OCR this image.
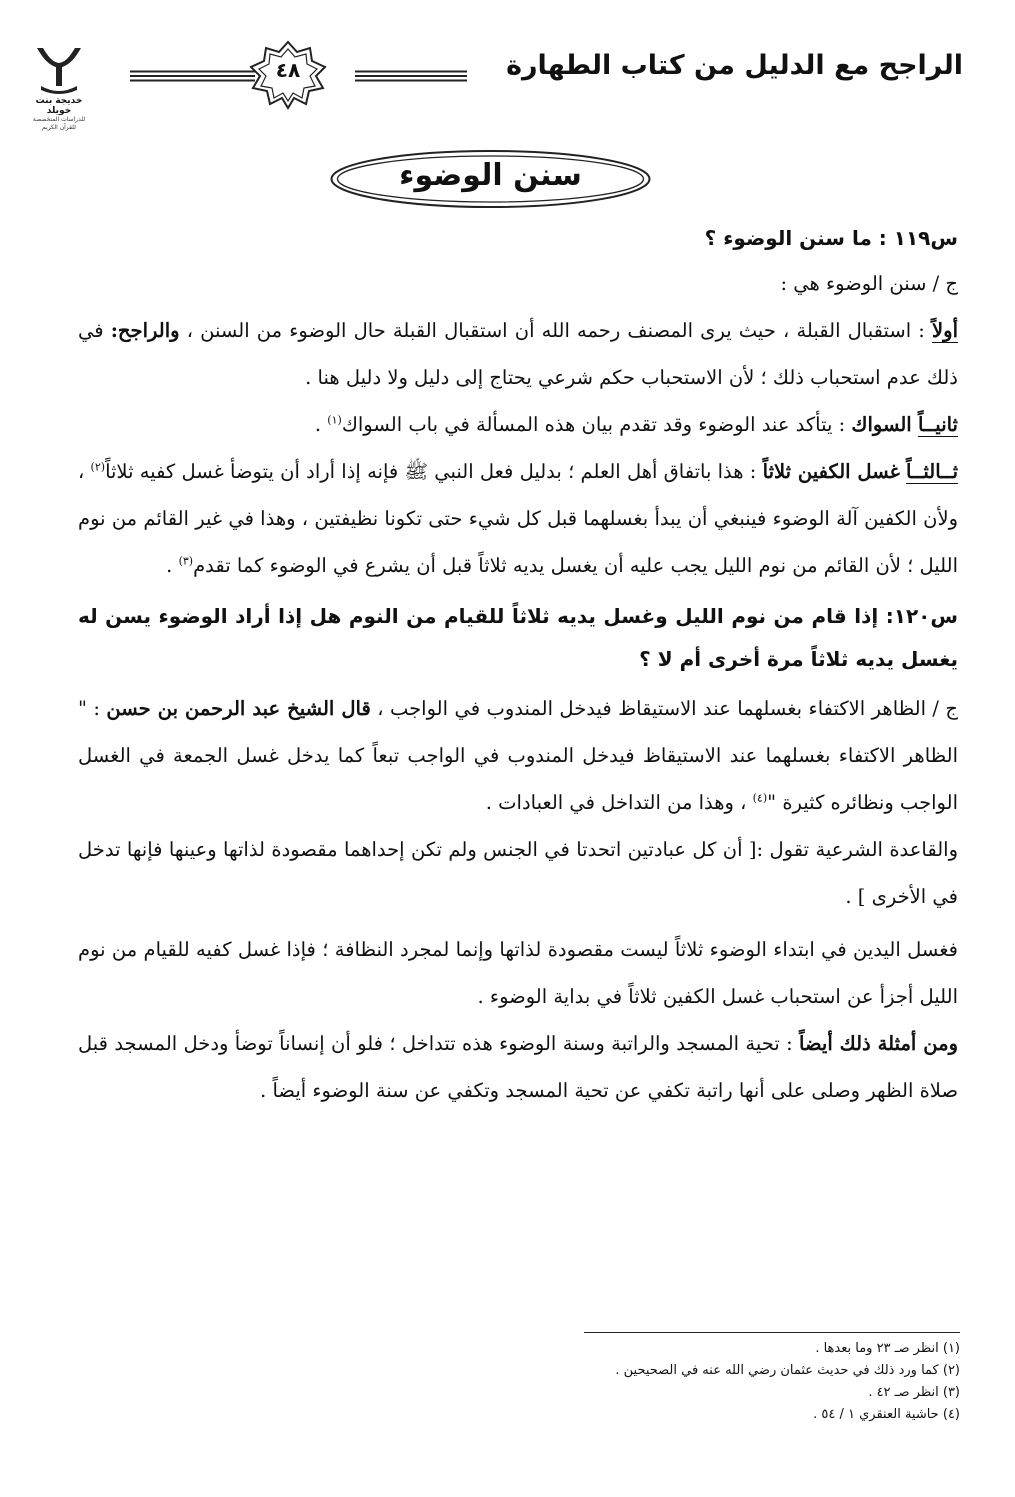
خديجة بنت خويلد
للدراسات المتخصصة للقرآن الكريم
٤٨	الراجح مع الدليل من كتاب الطهارة
سنن الوضوء

س١١٩ : ما سنن الوضوء ؟

ج / سنن الوضوء هي :

أولاً : استقبال القبلة ، حيث يرى المصنف رحمه الله أن استقبال القبلة حال الوضوء من السنن ، والراجح: في ذلك عدم استحباب ذلك ؛ لأن الاستحباب حكم شرعي يحتاج إلى دليل ولا دليل هنا .

ثانيــاً السواك : يتأكد عند الوضوء وقد تقدم بيان هذه المسألة في باب السواك$^{(١)}$ .

ثــالثــاً غسل الكفين ثلاثاً : هذا باتفاق أهل العلم ؛ بدليل فعل النبي ﷺ فإنه إذا أراد أن يتوضأ غسل كفيه ثلاثاً$^{(٢)}$ ، ولأن الكفين آلة الوضوء فينبغي أن يبدأ بغسلهما قبل كل شيء حتى تكونا نظيفتين ، وهذا في غير القائم من نوم الليل ؛ لأن القائم من نوم الليل يجب عليه أن يغسل يديه ثلاثاً قبل أن يشرع في الوضوء كما تقدم$^{(٣)}$ .

س١٢٠: إذا قام من نوم الليل وغسل يديه ثلاثاً للقيام من النوم هل إذا أراد الوضوء يسن له يغسل يديه ثلاثاً مرة أخرى أم لا ؟

ج / الظاهر الاكتفاء بغسلهما عند الاستيقاظ فيدخل المندوب في الواجب ، قال الشيخ عبد الرحمن بن حسن : " الظاهر الاكتفاء بغسلهما عند الاستيقاظ فيدخل المندوب في الواجب تبعاً كما يدخل غسل الجمعة في الغسل الواجب ونظائره كثيرة "$^{(٤)}$ ، وهذا من التداخل في العبادات .

والقاعدة الشرعية تقول :[ أن كل عبادتين اتحدتا في الجنس ولم تكن إحداهما مقصودة لذاتها وعينها فإنها تدخل في الأخرى ] .

فغسل اليدين في ابتداء الوضوء ثلاثاً ليست مقصودة لذاتها وإنما لمجرد النظافة ؛ فإذا غسل كفيه للقيام من نوم الليل أجزأ عن استحباب غسل الكفين ثلاثاً في بداية الوضوء .

ومن أمثلة ذلك أيضاً : تحية المسجد والراتبة وسنة الوضوء هذه تتداخل ؛ فلو أن إنساناً توضأ ودخل المسجد قبل صلاة الظهر وصلى على أنها راتبة تكفي عن تحية المسجد وتكفي عن سنة الوضوء أيضاً .

(١) انظر صـ ٢٣ وما بعدها .
(٢) كما ورد ذلك في حديث عثمان رضي الله عنه في الصحيحين .
(٣) انظر صـ ٤٢ .
(٤) حاشية العنقري ١ / ٥٤ .
